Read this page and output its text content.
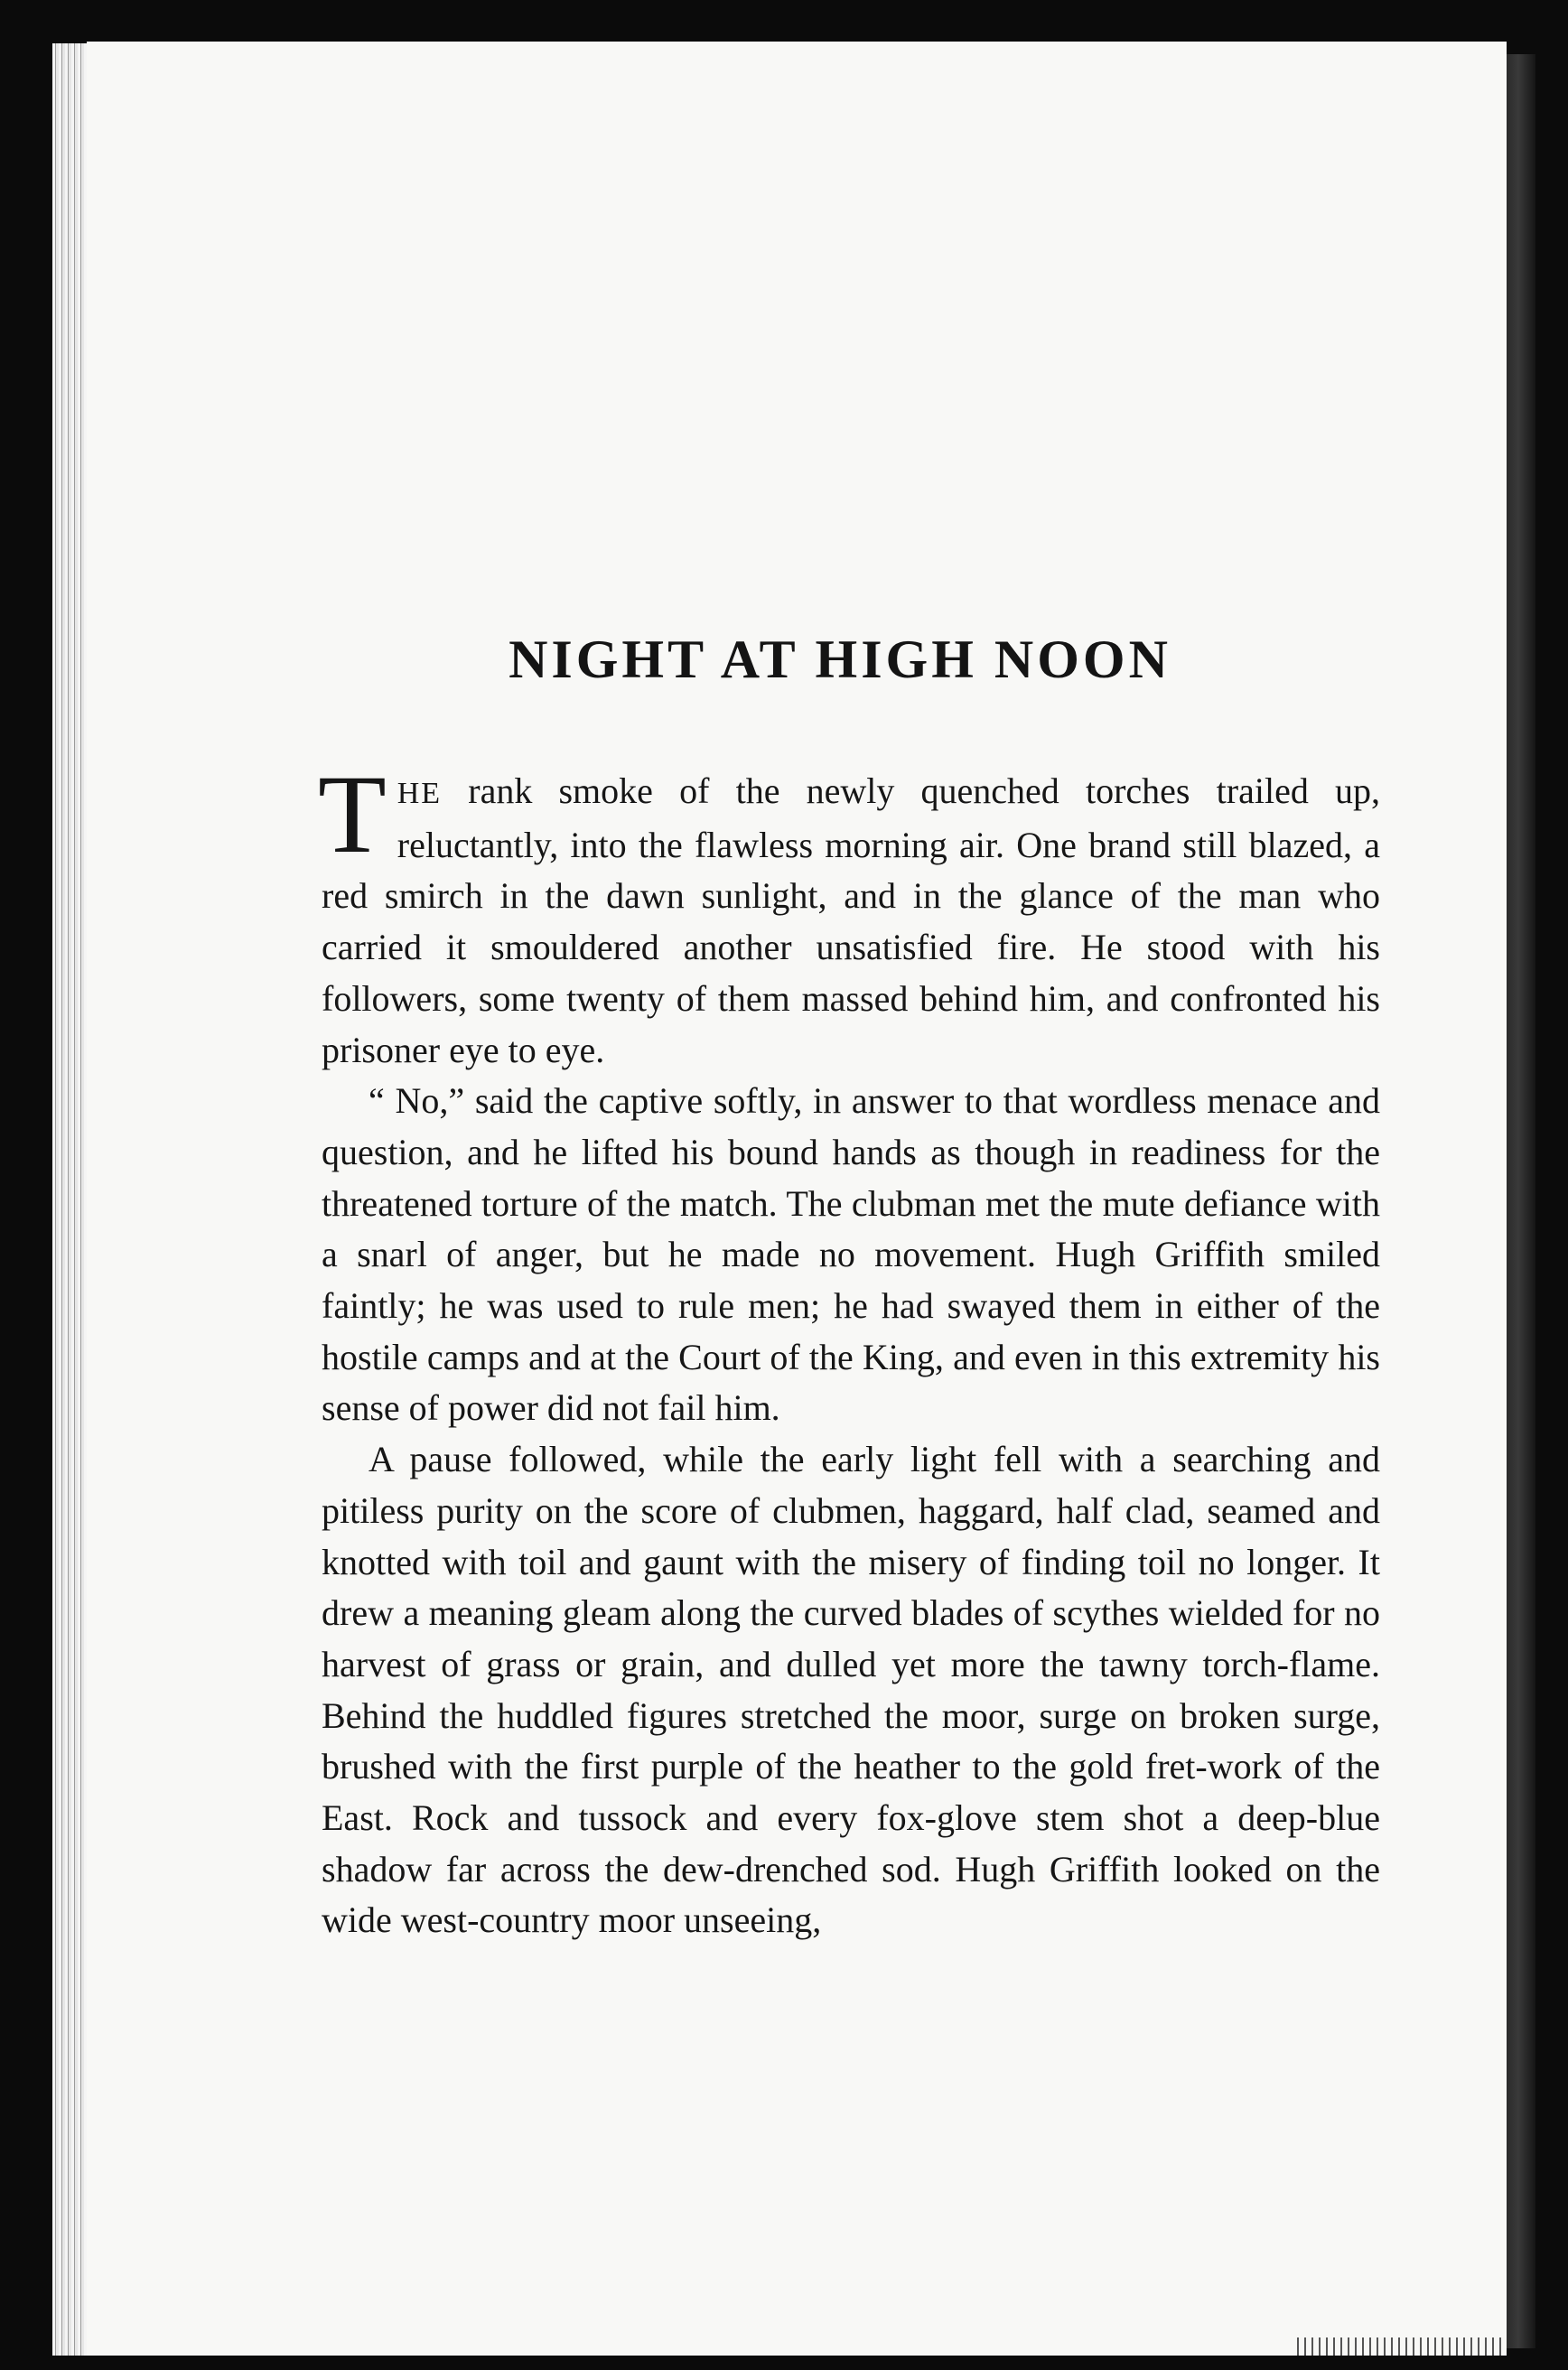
NIGHT AT HIGH NOON

THE rank smoke of the newly quenched torches trailed up, reluctantly, into the flawless morning air. One brand still blazed, a red smirch in the dawn sunlight, and in the glance of the man who carried it smouldered another unsatisfied fire. He stood with his followers, some twenty of them massed behind him, and confronted his prisoner eye to eye.

“ No,” said the captive softly, in answer to that wordless menace and question, and he lifted his bound hands as though in readiness for the threatened torture of the match. The clubman met the mute defiance with a snarl of anger, but he made no movement. Hugh Griffith smiled faintly; he was used to rule men; he had swayed them in either of the hostile camps and at the Court of the King, and even in this extremity his sense of power did not fail him.

A pause followed, while the early light fell with a searching and pitiless purity on the score of clubmen, haggard, half clad, seamed and knotted with toil and gaunt with the misery of finding toil no longer. It drew a meaning gleam along the curved blades of scythes wielded for no harvest of grass or grain, and dulled yet more the tawny torch-flame. Behind the huddled figures stretched the moor, surge on broken surge, brushed with the first purple of the heather to the gold fret-work of the East. Rock and tussock and every fox-glove stem shot a deep-blue shadow far across the dew-drenched sod. Hugh Griffith looked on the wide west-country moor unseeing,
